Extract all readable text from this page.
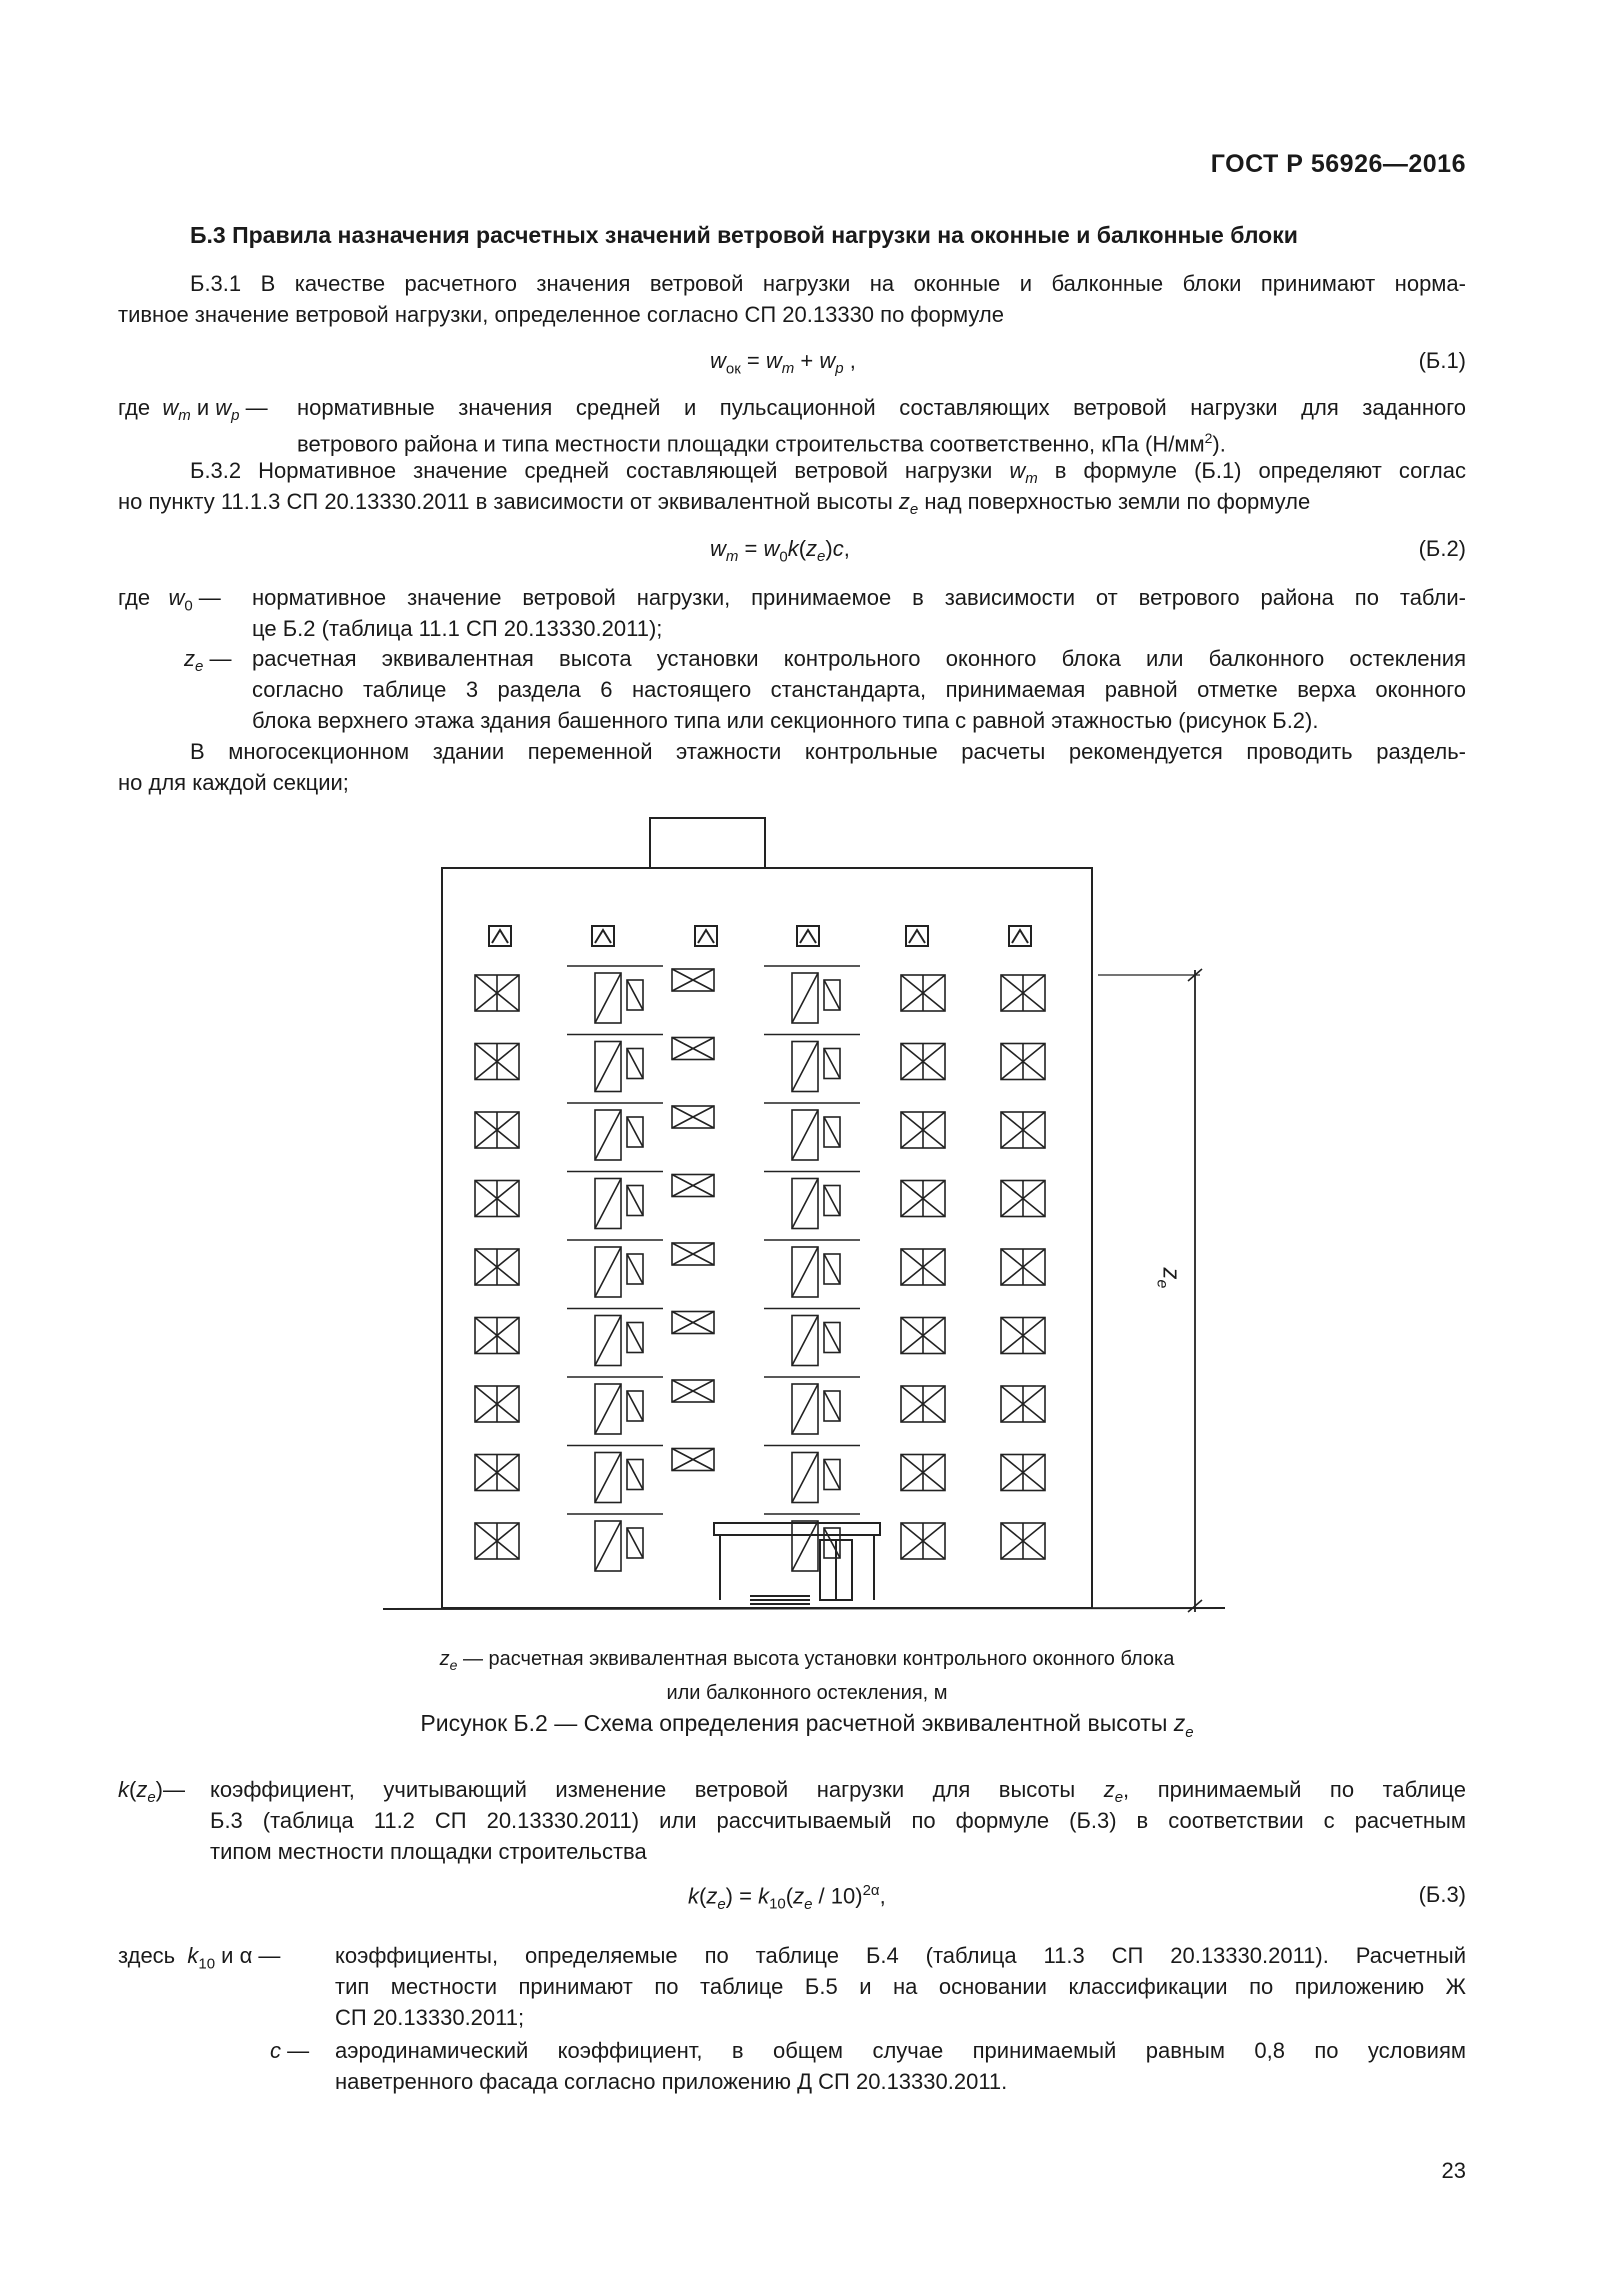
ГОСТ Р 56926—2016
Б.3 Правила назначения расчетных значений ветровой нагрузки на оконные и балконные блоки
Б.3.1 В качестве расчетного значения ветровой нагрузки на оконные и балконные блоки принимают норма-
тивное значение ветровой нагрузки, определенное согласно СП 20.13330 по формуле
$w_{ок} = w_m + w_p$ ,	(Б.1)
где $w_m$ и $w_p$ — нормативные значения средней и пульсационной составляющих ветровой нагрузки для заданного
ветрового района и типа местности площадки строительства соответственно, кПа $(Н/мм^2)$.
Б.3.2 Нормативное значение средней составляющей ветровой нагрузки $w_m$ в формуле (Б.1) определяют соглас
но пункту 11.1.3 СП 20.13330.2011 в зависимости от эквивалентной высоты $z_e$ над поверхностью земли по формуле
$w_m = w_0k(z_e)c$,	(Б.2)
где $w_0$ — нормативное значение ветровой нагрузки, принимаемое в зависимости от ветрового района по табли-
це Б.2 (таблица 11.1 СП 20.13330.2011);
$z_e$ — расчетная эквивалентная высота установки контрольного оконного блока или балконного остекления
согласно таблице 3 раздела 6 настоящего станстандарта, принимаемая равной отметке верха оконного
блока верхнего этажа здания башенного типа или секционного типа с равной этажностью (рисунок Б.2).
В многосекционном здании переменной этажности контрольные расчеты рекомендуется проводить раздель-
но для каждой секции;
$z_e$
$z_e$ — расчетная эквивалентная высота установки контрольного оконного блока
или балконного остекления, м
Рисунок Б.2 — Схема определения расчетной эквивалентной высоты $z_e$
$k(z_e)—$ коэффициент, учитывающий изменение ветровой нагрузки для высоты $z_e$, принимаемый по таблице
Б.3 (таблица 11.2 СП 20.13330.2011) или рассчитываемый по формуле (Б.3) в соответствии с расчетным
типом местности площадки строительства
$k(z_e) = k_{10}(z_e / 10)^{2\alpha}$,	(Б.3)
здесь $k_{10}$ и α — коэффициенты, определяемые по таблице Б.4 (таблица 11.3 СП 20.13330.2011). Расчетный
тип местности принимают по таблице Б.5 и на основании классификации по приложению Ж
СП 20.13330.2011;
c — аэродинамический коэффициент, в общем случае принимаемый равным 0,8 по условиям
наветренного фасада согласно приложению Д СП 20.13330.2011.
23
